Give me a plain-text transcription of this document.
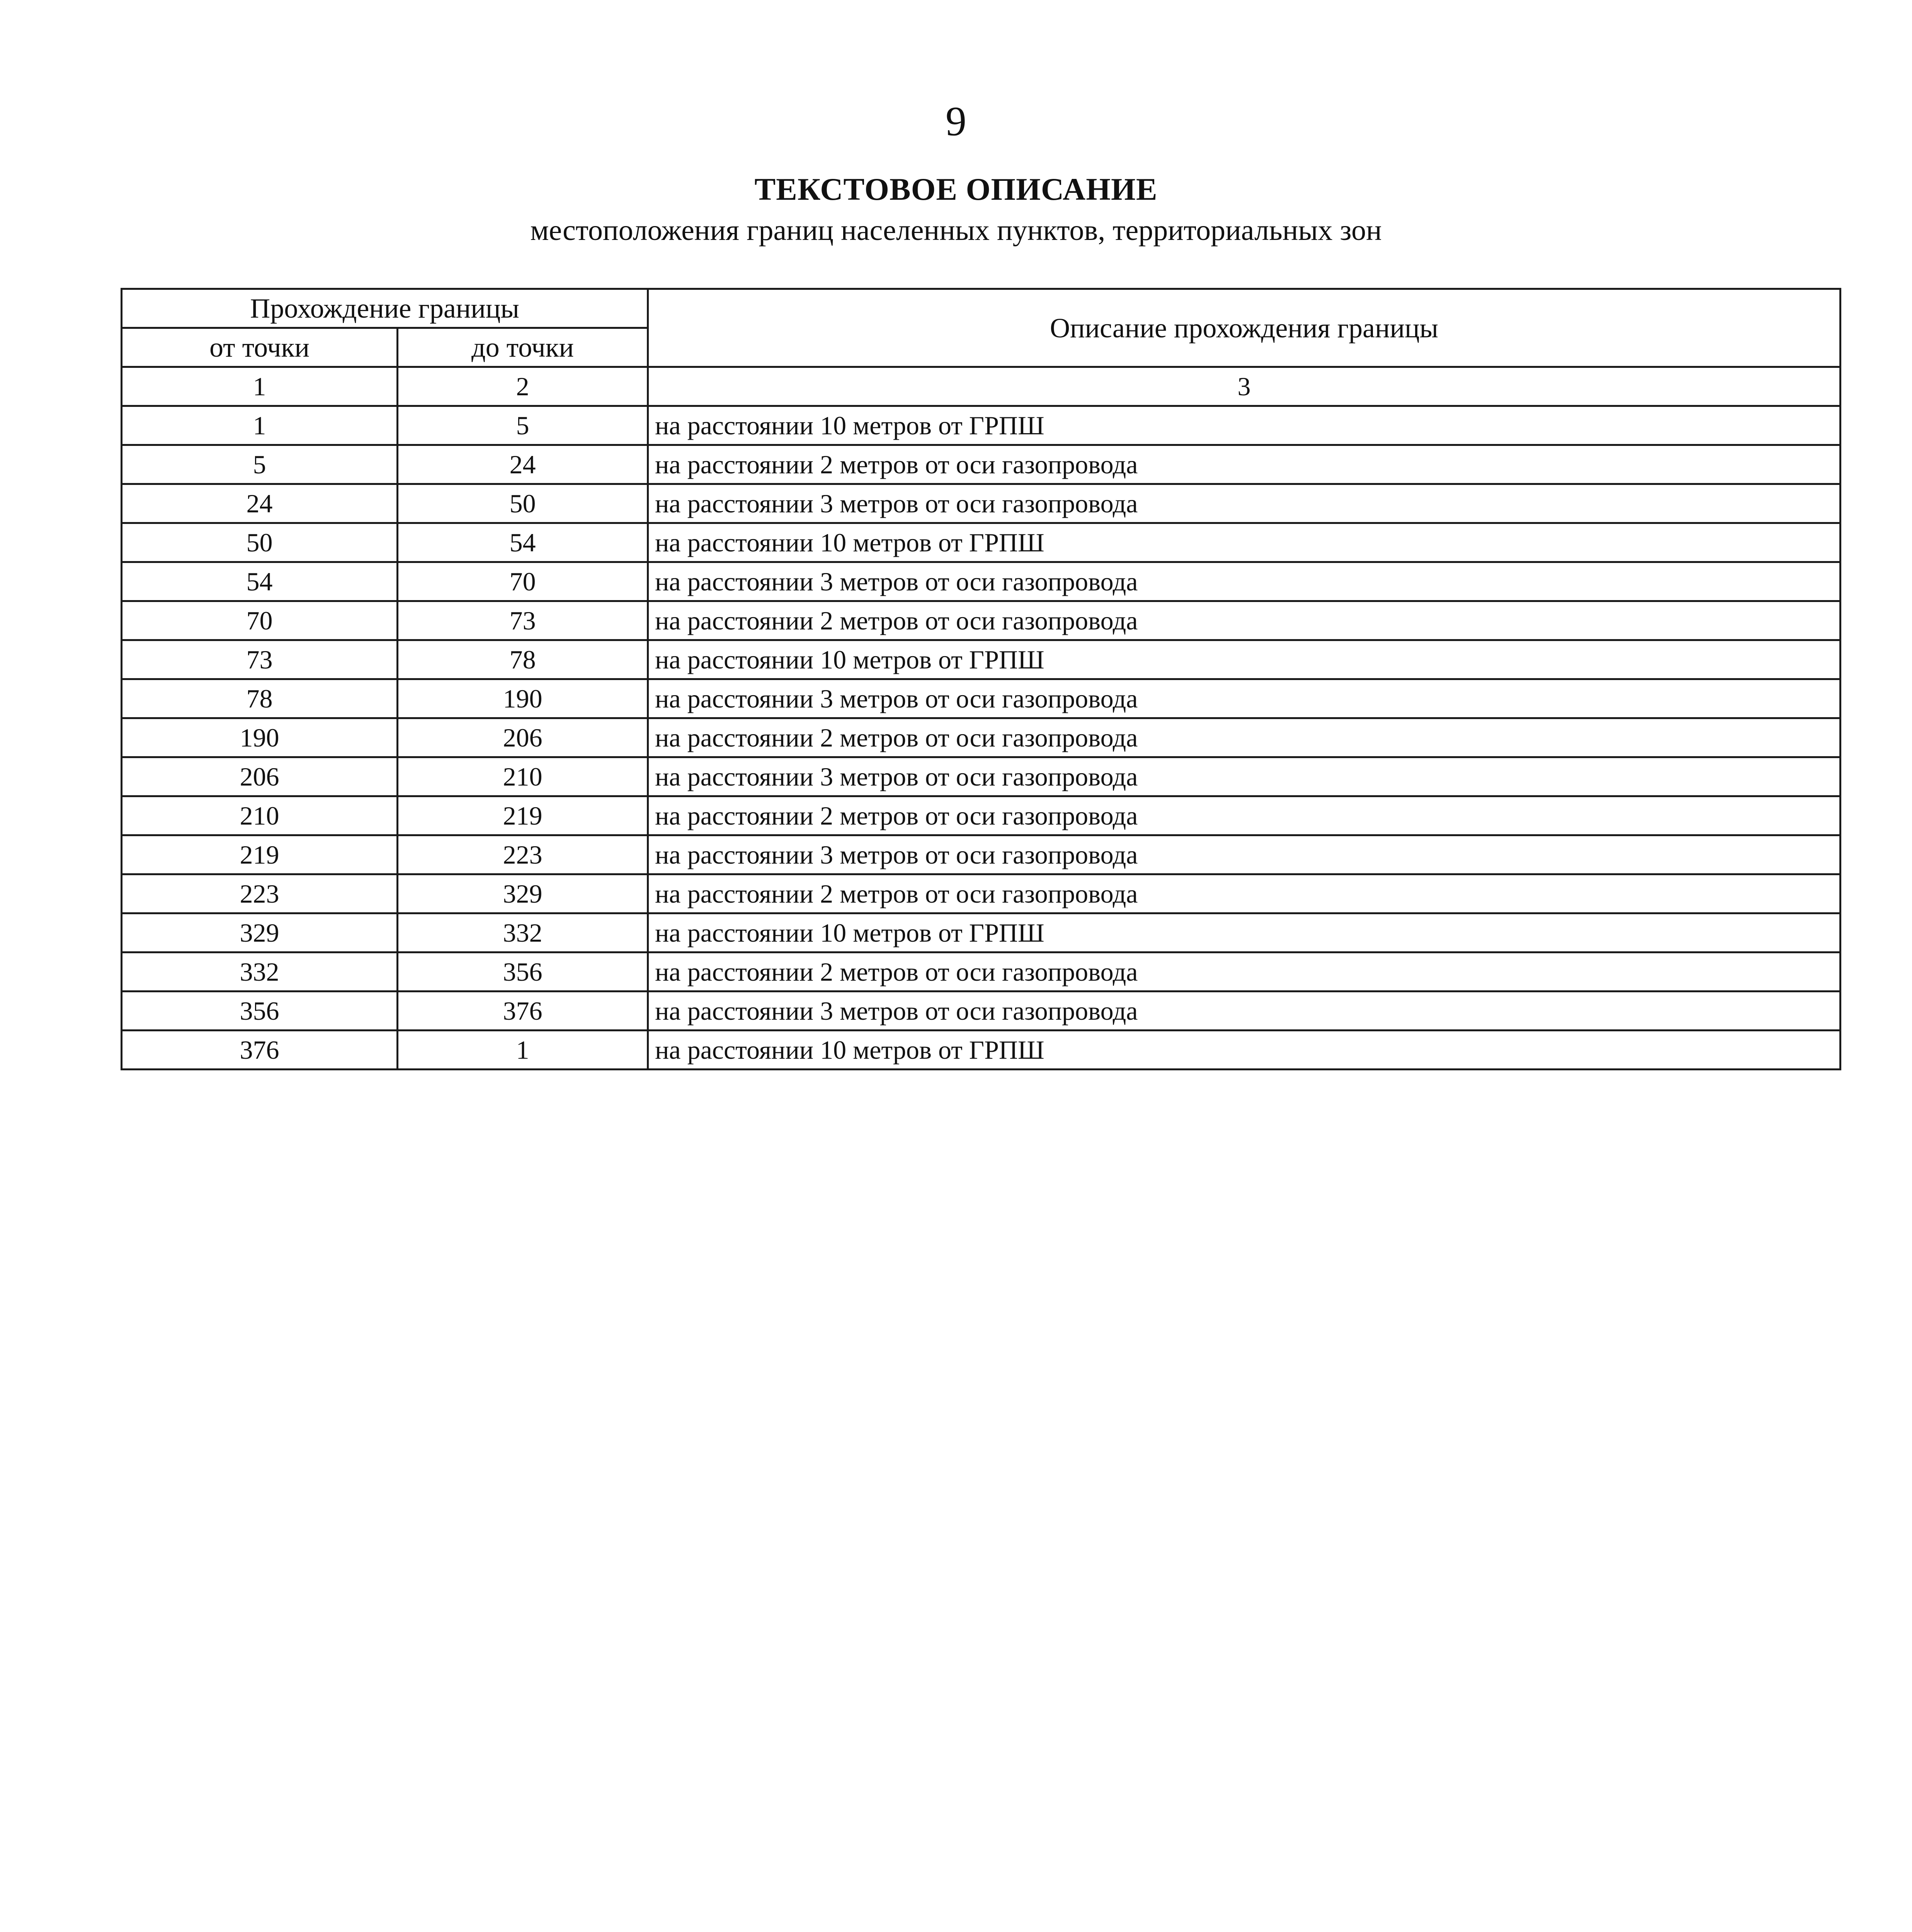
9
ТЕКСТОВОЕ ОПИСАНИЕ
местоположения границ населенных пунктов, территориальных зон
Прохождение границы		Описание прохождения границы
от точки	до точки	
1	2	3
1	5	на расстоянии 10 метров от ГРПШ
5	24	на расстоянии 2 метров от оси газопровода
24	50	на расстоянии 3 метров от оси газопровода
50	54	на расстоянии 10 метров от ГРПШ
54	70	на расстоянии 3 метров от оси газопровода
70	73	на расстоянии 2 метров от оси газопровода
73	78	на расстоянии 10 метров от ГРПШ
78	190	на расстоянии 3 метров от оси газопровода
190	206	на расстоянии 2 метров от оси газопровода
206	210	на расстоянии 3 метров от оси газопровода
210	219	на расстоянии 2 метров от оси газопровода
219	223	на расстоянии 3 метров от оси газопровода
223	329	на расстоянии 2 метров от оси газопровода
329	332	на расстоянии 10 метров от ГРПШ
332	356	на расстоянии 2 метров от оси газопровода
356	376	на расстоянии 3 метров от оси газопровода
376	1	на расстоянии 10 метров от ГРПШ
